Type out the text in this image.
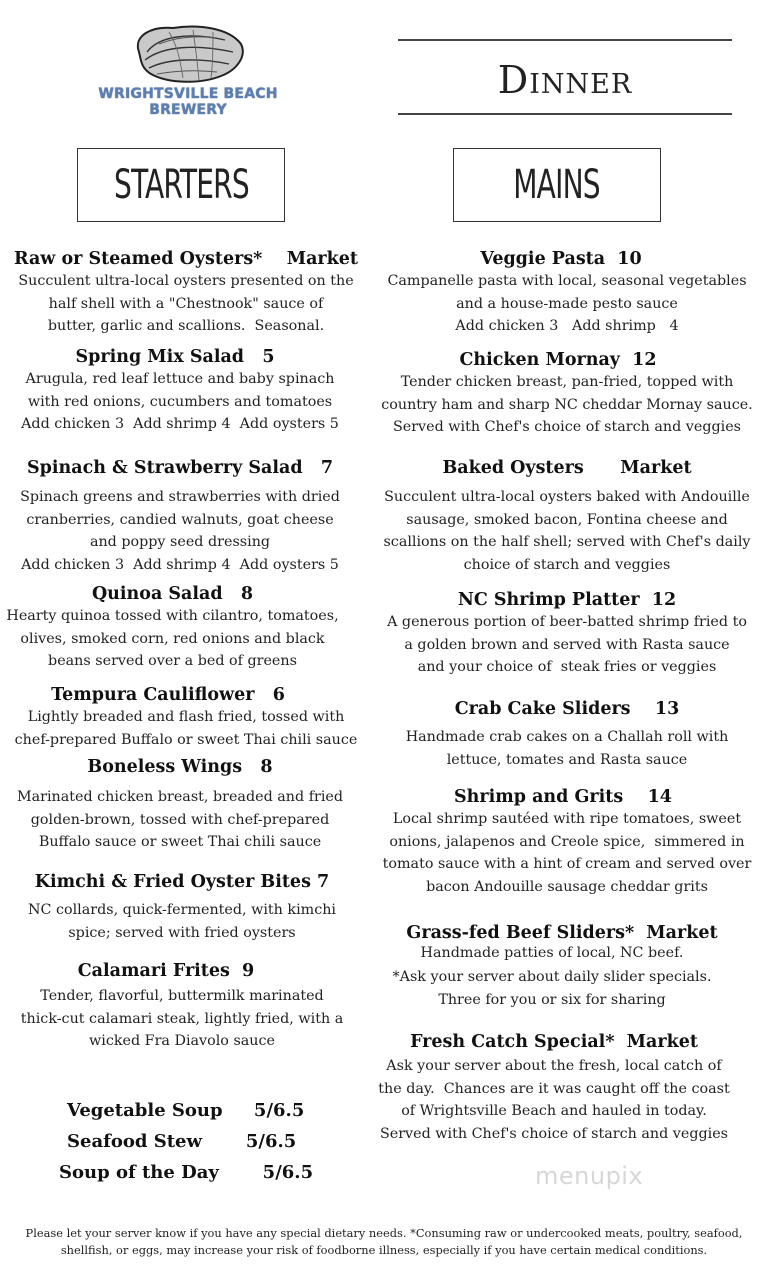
WRIGHTSVILLE BEACH
BREWERY
Dinner
STARTERS	MAINS
Raw or Steamed Oysters*    Market
Succulent ultra-local oysters presented on the
half shell with a "Chestnook" sauce of
butter, garlic and scallions.  Seasonal.
Spring Mix Salad   5
Arugula, red leaf lettuce and baby spinach
with red onions, cucumbers and tomatoes
Add chicken 3  Add shrimp 4  Add oysters 5
Spinach & Strawberry Salad   7
Spinach greens and strawberries with dried
cranberries, candied walnuts, goat cheese
and poppy seed dressing
Add chicken 3  Add shrimp 4  Add oysters 5
Quinoa Salad   8
Hearty quinoa tossed with cilantro, tomatoes,
olives, smoked corn, red onions and black
beans served over a bed of greens
Tempura Cauliflower   6
Lightly breaded and flash fried, tossed with
chef-prepared Buffalo or sweet Thai chili sauce
Boneless Wings   8
Marinated chicken breast, breaded and fried
golden-brown, tossed with chef-prepared
Buffalo sauce or sweet Thai chili sauce
Kimchi & Fried Oyster Bites 7
NC collards, quick-fermented, with kimchi
spice; served with fried oysters
Calamari Frites  9
Tender, flavorful, buttermilk marinated
thick-cut calamari steak, lightly fried, with a
wicked Fra Diavolo sauce
Vegetable Soup     5/6.5
Seafood Stew       5/6.5
Soup of the Day       5/6.5
Veggie Pasta  10
Campanelle pasta with local, seasonal vegetables
and a house-made pesto sauce
Add chicken 3   Add shrimp   4
Chicken Mornay  12
Tender chicken breast, pan-fried, topped with
country ham and sharp NC cheddar Mornay sauce.
Served with Chef's choice of starch and veggies
Baked Oysters      Market
Succulent ultra-local oysters baked with Andouille
sausage, smoked bacon, Fontina cheese and
scallions on the half shell; served with Chef's daily
choice of starch and veggies
NC Shrimp Platter  12
A generous portion of beer-batted shrimp fried to
a golden brown and served with Rasta sauce
and your choice of  steak fries or veggies
Crab Cake Sliders    13
Handmade crab cakes on a Challah roll with
lettuce, tomates and Rasta sauce
Shrimp and Grits    14
Local shrimp sautéed with ripe tomatoes, sweet
onions, jalapenos and Creole spice,  simmered in
tomato sauce with a hint of cream and served over
bacon Andouille sausage cheddar grits
Grass-fed Beef Sliders*  Market
Handmade patties of local, NC beef.
*Ask your server about daily slider specials.
Three for you or six for sharing
Fresh Catch Special*  Market
Ask your server about the fresh, local catch of
the day.  Chances are it was caught off the coast
of Wrightsville Beach and hauled in today.
Served with Chef's choice of starch and veggies
menupix
Please let your server know if you have any special dietary needs. *Consuming raw or undercooked meats, poultry, seafood,
shellfish, or eggs, may increase your risk of foodborne illness, especially if you have certain medical conditions.
